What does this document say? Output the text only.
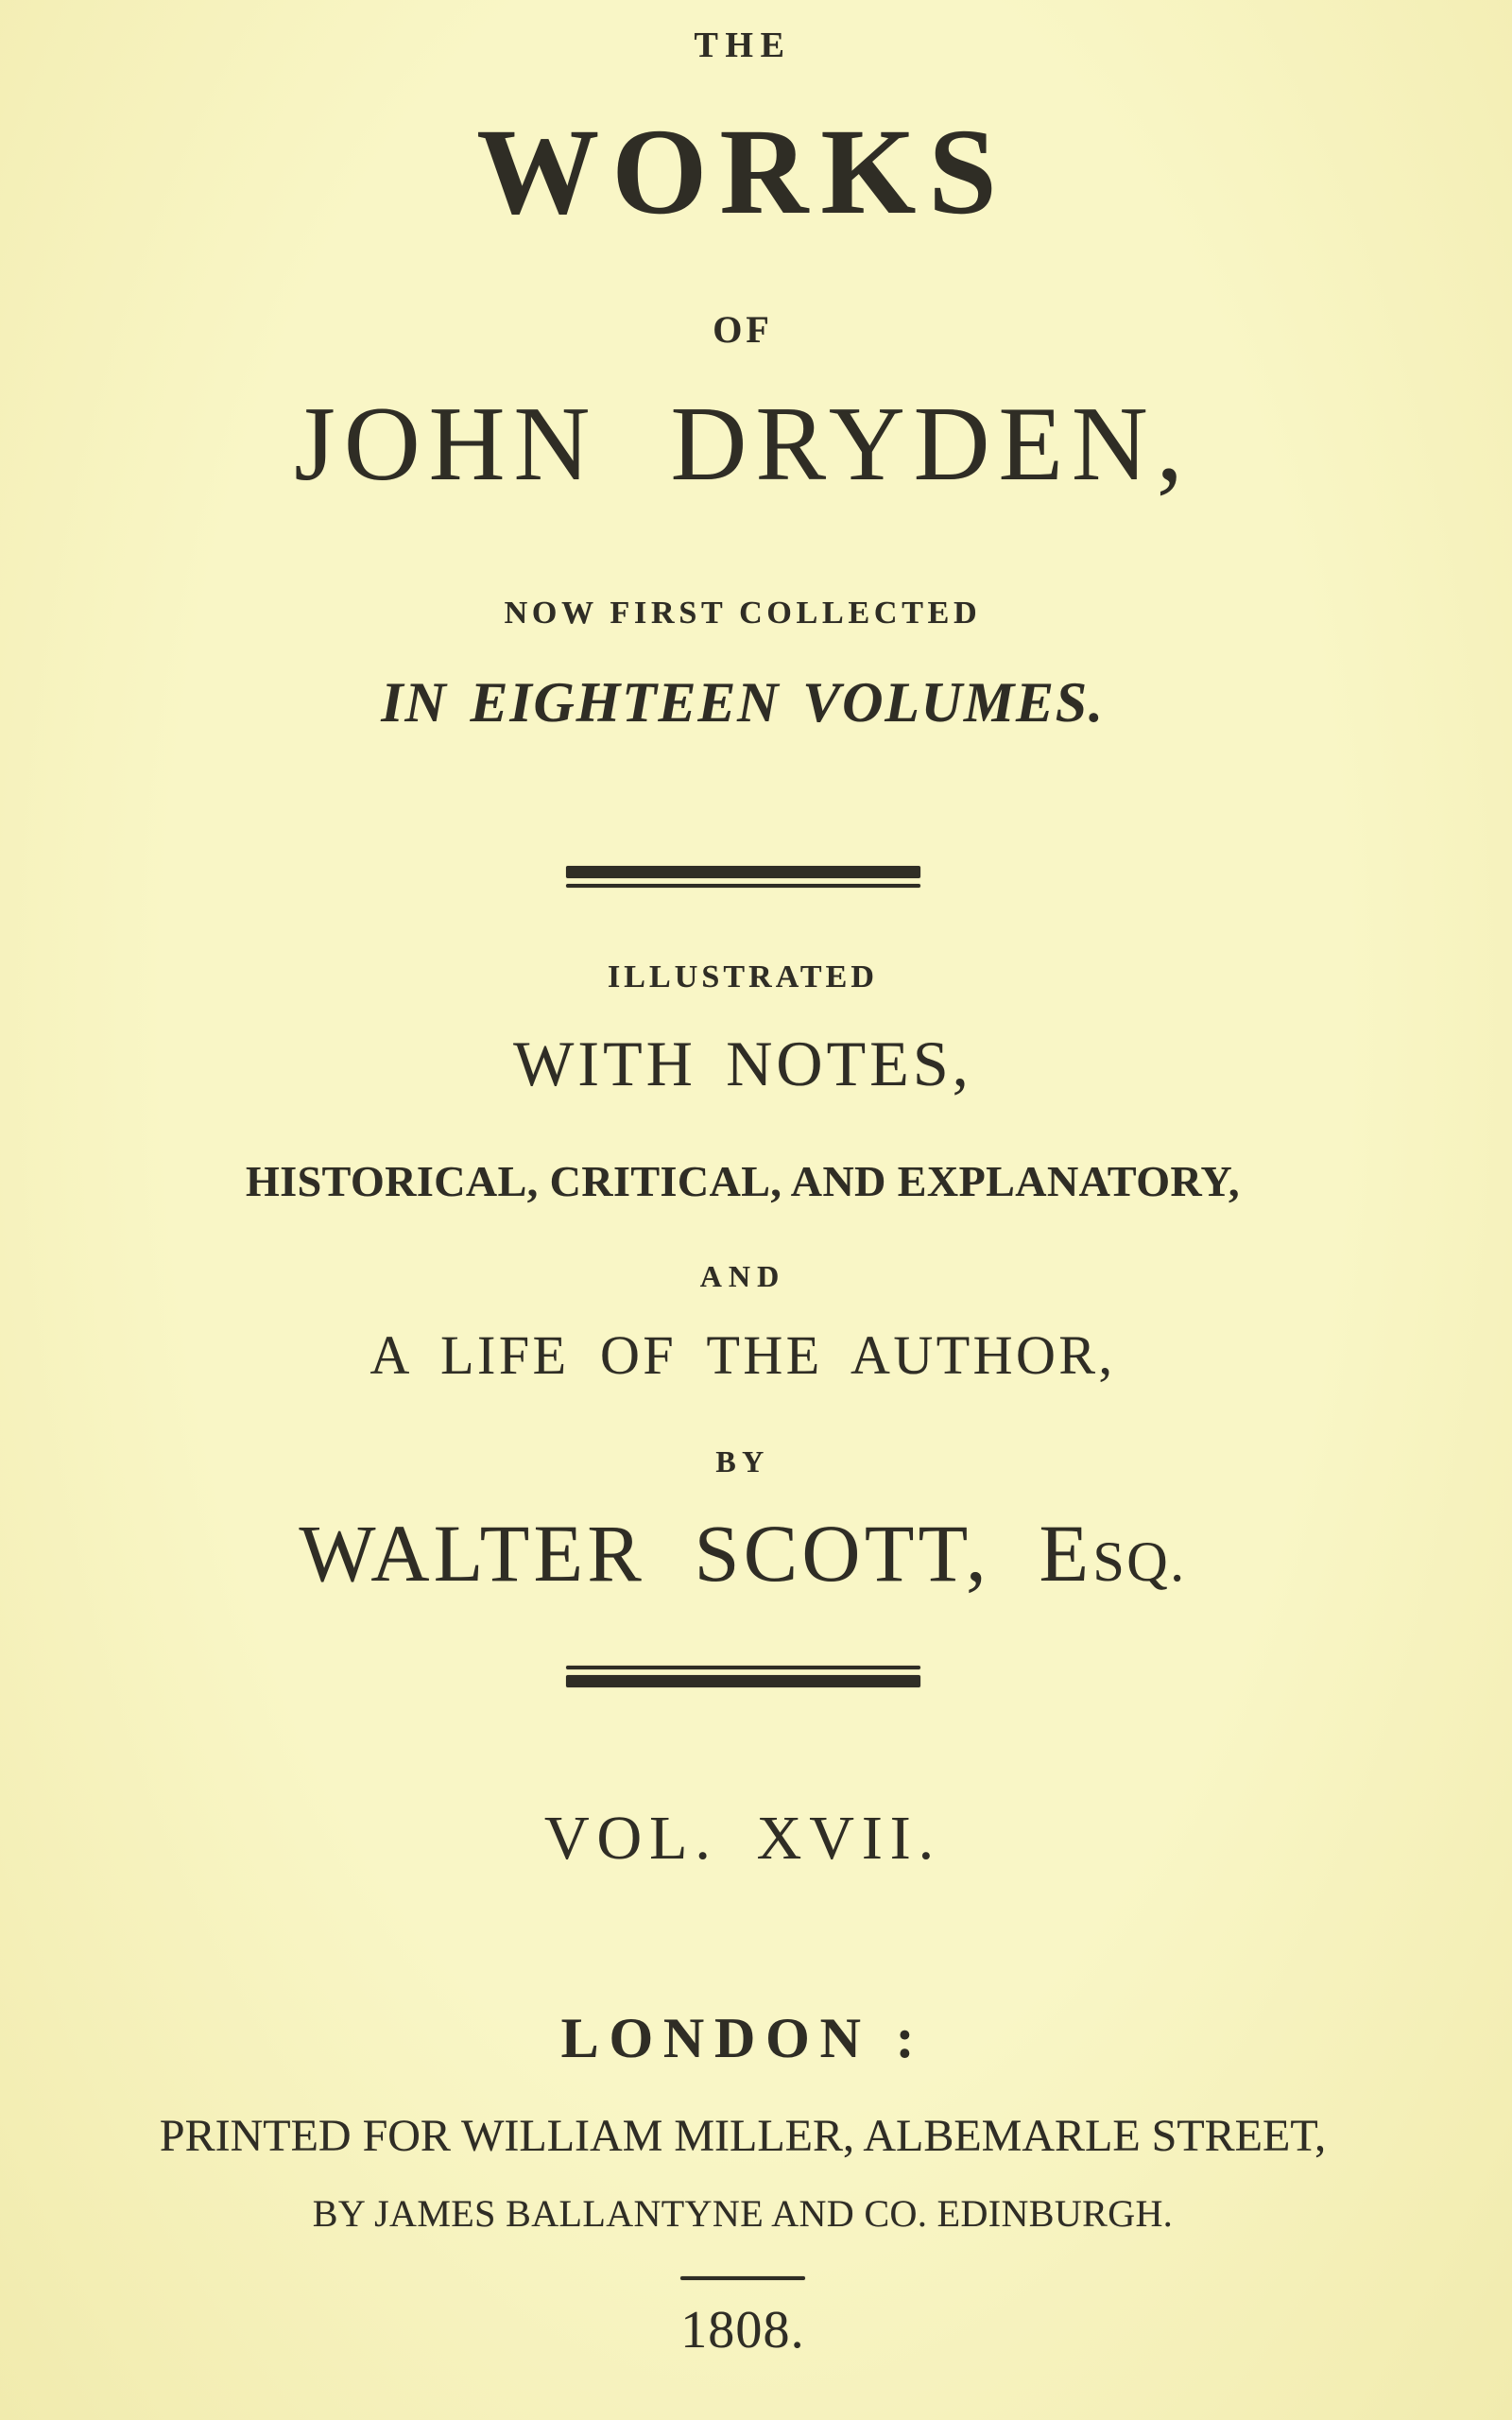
THE
WORKS
OF
JOHN DRYDEN,
NOW FIRST COLLECTED
IN EIGHTEEN VOLUMES.
ILLUSTRATED
WITH NOTES,
HISTORICAL, CRITICAL, AND EXPLANATORY,
AND
A LIFE OF THE AUTHOR,
BY
WALTER SCOTT, ESQ.
VOL. XVII.
LONDON :
PRINTED FOR WILLIAM MILLER, ALBEMARLE STREET,
BY JAMES BALLANTYNE AND CO. EDINBURGH.
1808.
